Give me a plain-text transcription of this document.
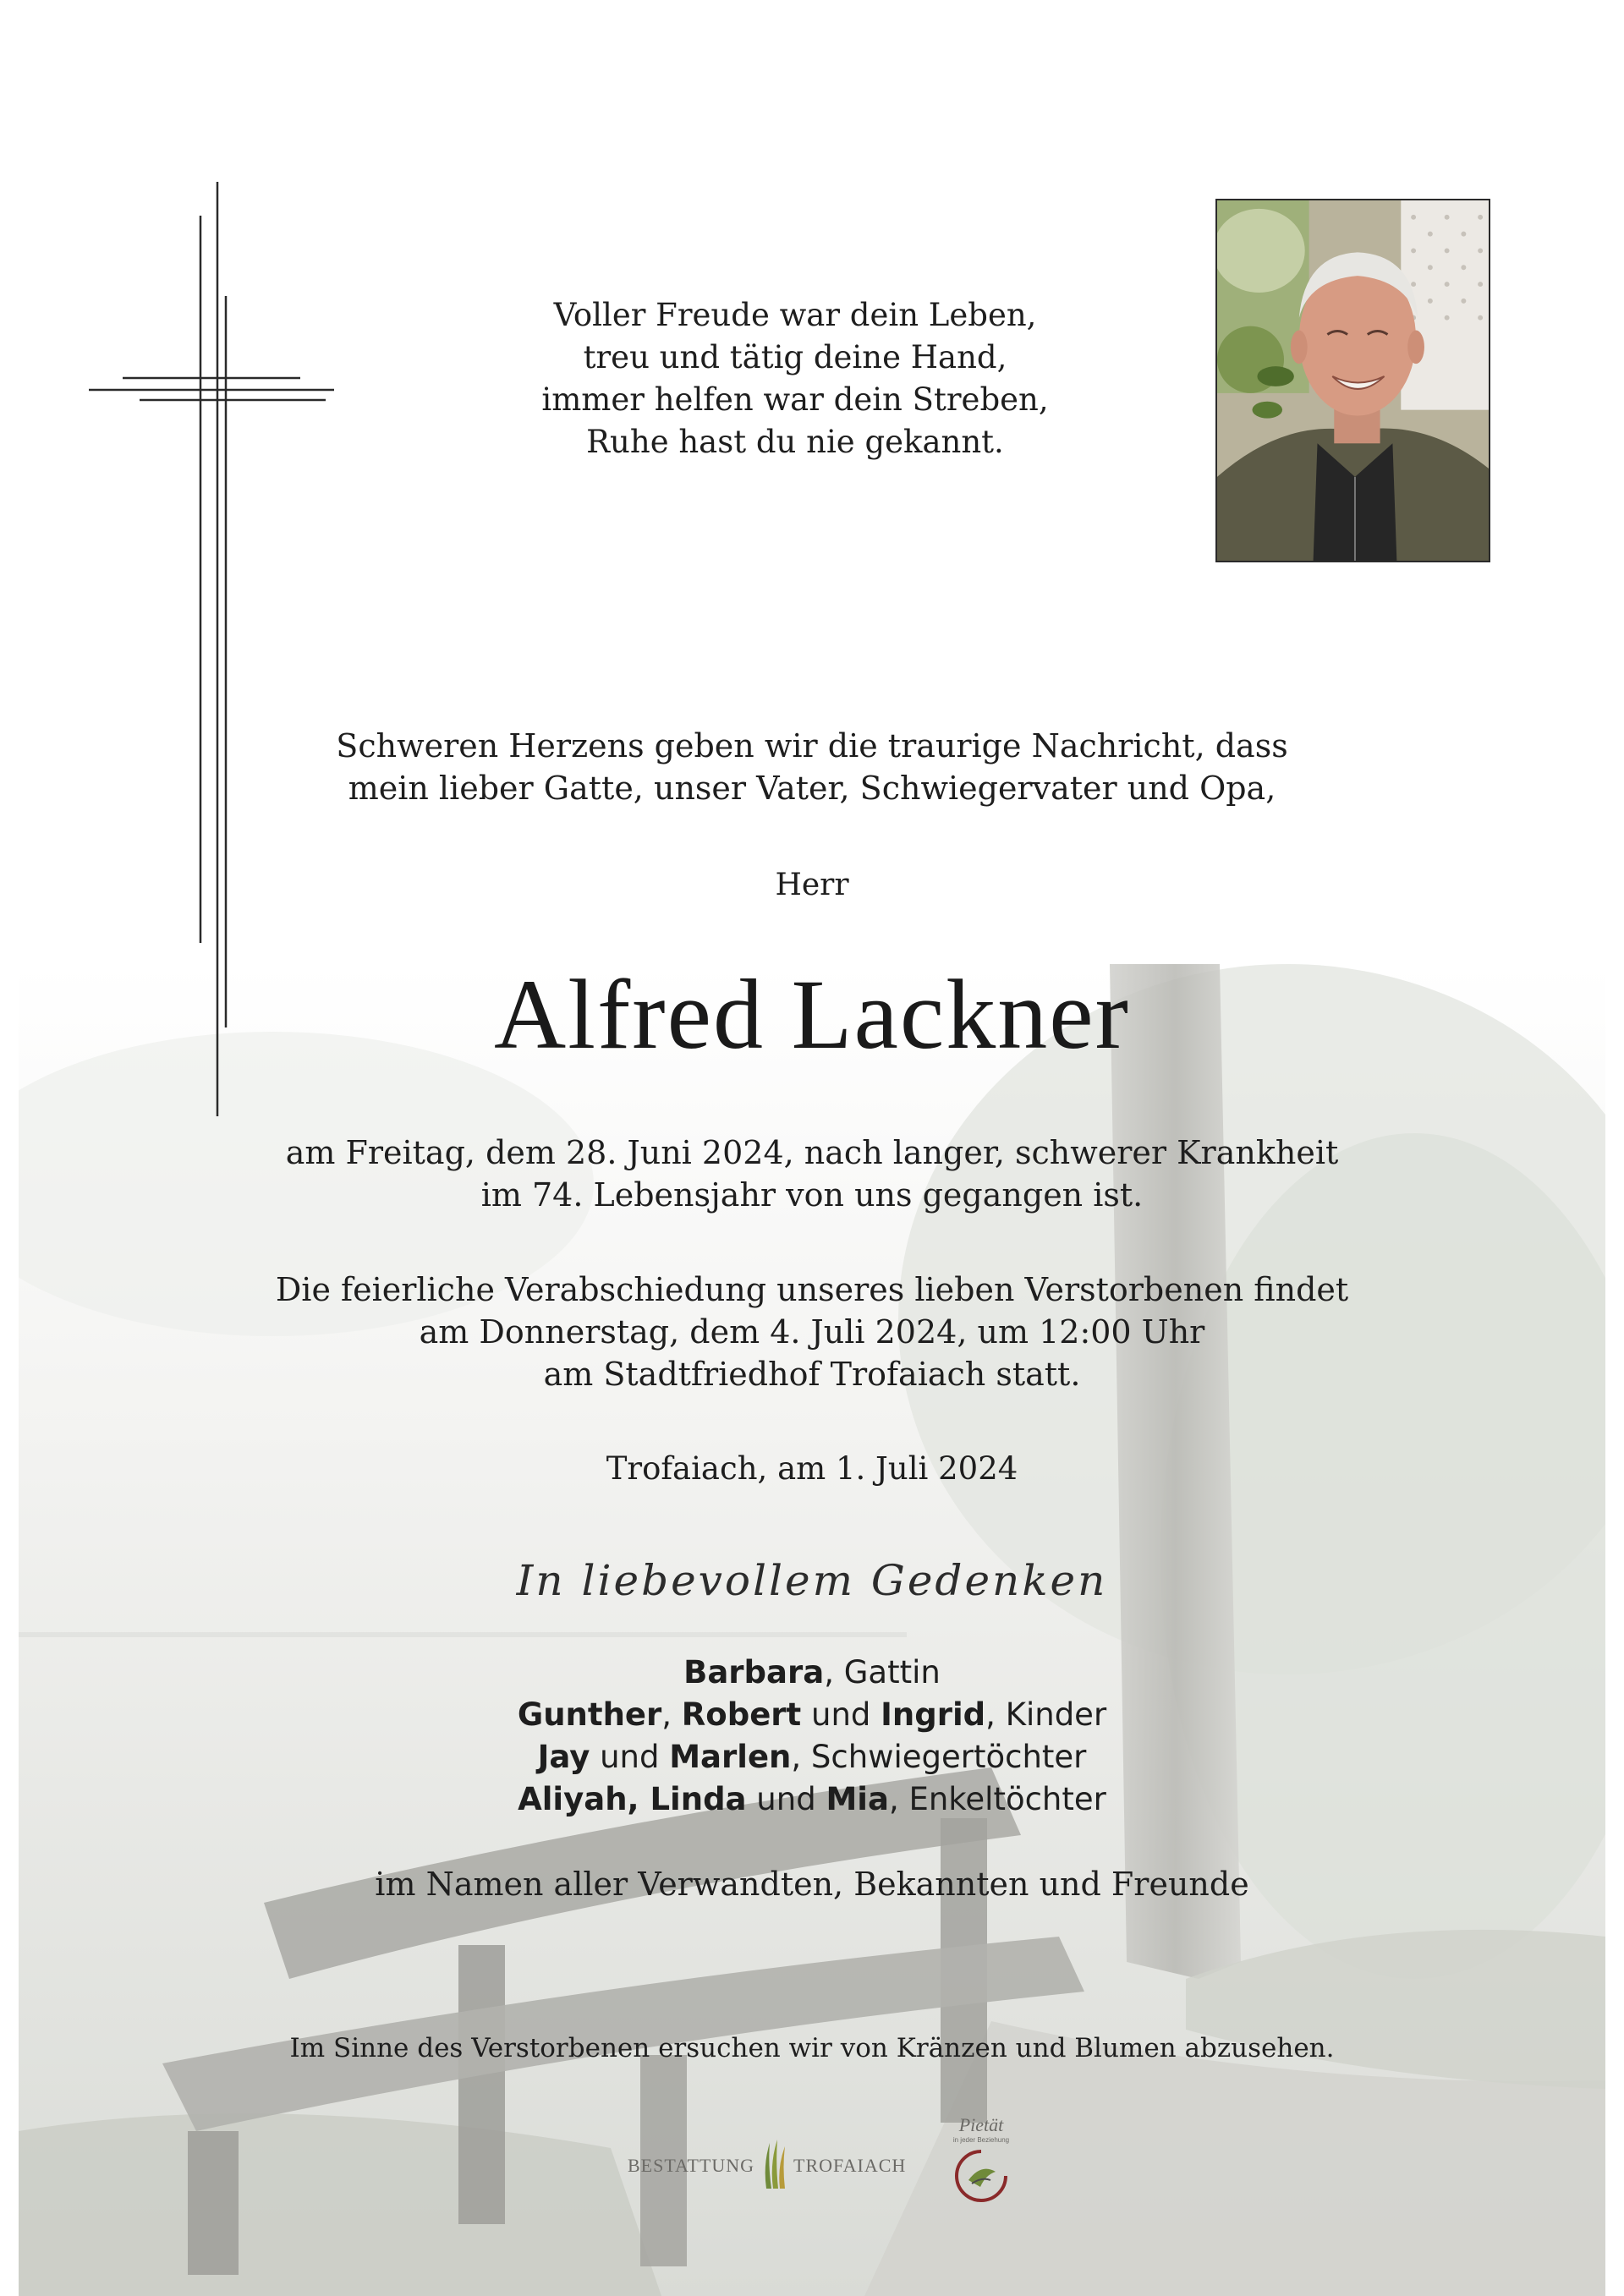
Voller Freude war dein Leben,
treu und tätig deine Hand,
immer helfen war dein Streben,
Ruhe hast du nie gekannt.
Schweren Herzens geben wir die traurige Nachricht, dass
mein lieber Gatte, unser Vater, Schwiegervater und Opa,
Herr
Alfred Lackner
am Freitag, dem 28. Juni 2024, nach langer, schwerer Krankheit
im 74. Lebensjahr von uns gegangen ist.
Die feierliche Verabschiedung unseres lieben Verstorbenen findet
am Donnerstag, dem 4. Juli 2024, um 12:00 Uhr
am Stadtfriedhof Trofaiach statt.
Trofaiach, am 1. Juli 2024
In liebevollem Gedenken
Barbara, Gattin
Gunther, Robert und Ingrid, Kinder
Jay und Marlen, Schwiegertöchter
Aliyah, Linda und Mia, Enkeltöchter
im Namen aller Verwandten, Bekannten und Freunde
Im Sinne des Verstorbenen ersuchen wir von Kränzen und Blumen abzusehen.
BESTATTUNG TROFAIACH
Pietät
in jeder Beziehung
